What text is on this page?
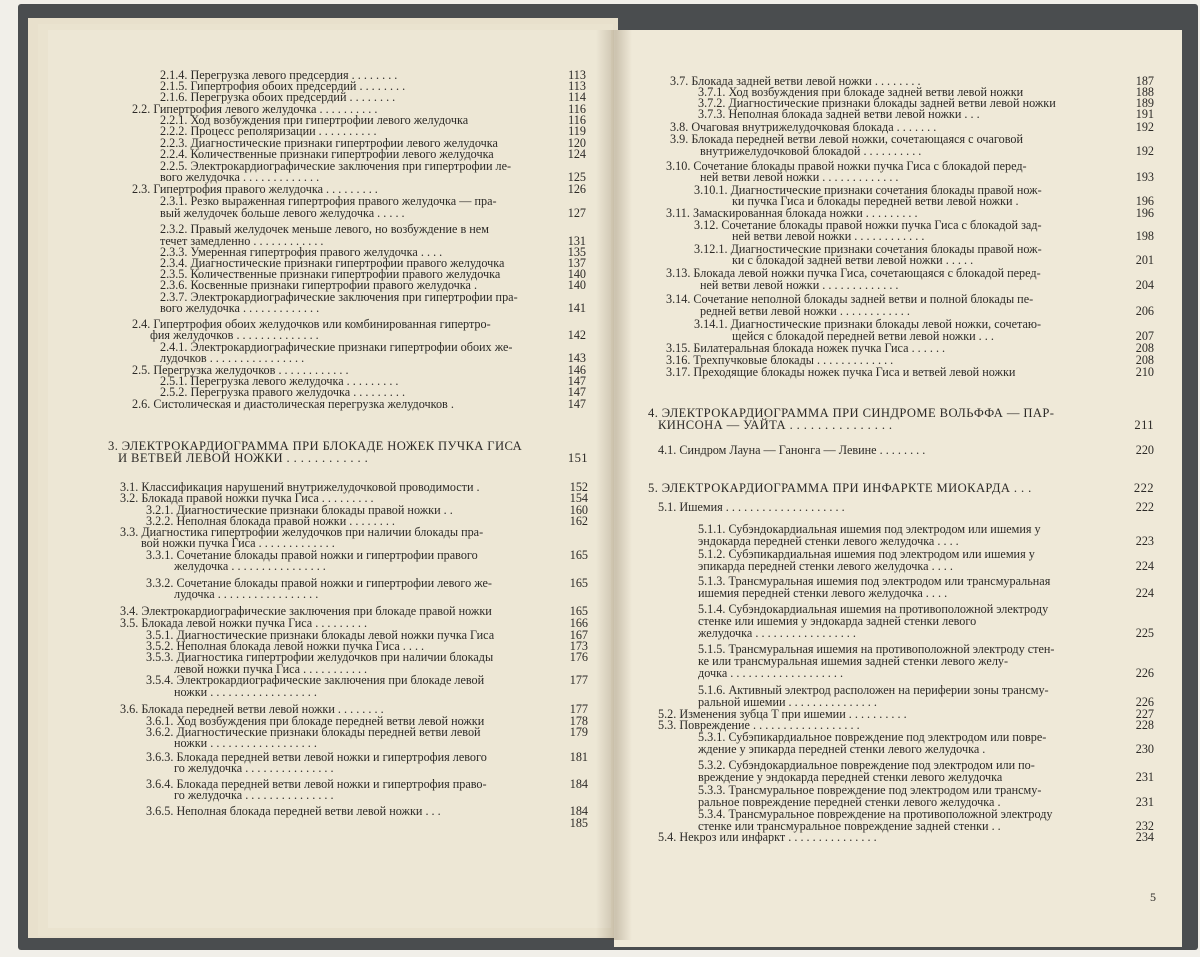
2.1.4. Перегрузка левого предсердия . . . . . . . .	113
2.1.5. Гипертрофия обоих предсердий . . . . . . . .	113
2.1.6. Перегрузка обоих предсердий . . . . . . . .	114
2.2. Гипертрофия левого желудочка . . . . . . . . . .	116
2.2.1. Ход возбуждения при гипертрофии левого желудочка	116
2.2.2. Процесс реполяризации . . . . . . . . . .	119
2.2.3. Диагностические признаки гипертрофии левого желудочка	120
2.2.4. Количественные признаки гипертрофии левого желудочка	124
2.2.5. Электрокардиографические заключения при гипертрофии ле-
вого желудочка . . . . . . . . . . . . .	125
2.3. Гипертрофия правого желудочка . . . . . . . . .	126
2.3.1. Резко выраженная гипертрофия правого желудочка — пра-
вый желудочек больше левого желудочка . . . . .	127
2.3.2. Правый желудочек меньше левого, но возбуждение в нем
течет замедленно . . . . . . . . . . . .	131
2.3.3. Умеренная гипертрофия правого желудочка . . . .	135
2.3.4. Диагностические признаки гипертрофии правого желудочка	137
2.3.5. Количественные признаки гипертрофии правого желудочка	140
2.3.6. Косвенные признаки гипертрофии правого желудочка .	140
2.3.7. Электрокардиографические заключения при гипертрофии пра-
вого желудочка . . . . . . . . . . . . .	141
2.4. Гипертрофия обоих желудочков или комбинированная гипертро-
фия желудочков . . . . . . . . . . . . . .	142
2.4.1. Электрокардиографические признаки гипертрофии обоих же-
лудочков . . . . . . . . . . . . . . . .	143
2.5. Перегрузка желудочков . . . . . . . . . . . .	146
2.5.1. Перегрузка левого желудочка . . . . . . . . .	147
2.5.2. Перегрузка правого желудочка . . . . . . . . .	147
2.6. Систолическая и диастолическая перегрузка желудочков .	147
3. ЭЛЕКТРОКАРДИОГРАММА ПРИ БЛОКАДЕ НОЖЕК ПУЧКА ГИСА
И ВЕТВЕЙ ЛЕВОЙ НОЖКИ . . . . . . . . . . . .	151
3.1. Классификация нарушений внутрижелудочковой проводимости .	152
3.2. Блокада правой ножки пучка Гиса . . . . . . . . .	154
3.2.1. Диагностические признаки блокады правой ножки . .	160
3.2.2. Неполная блокада правой ножки . . . . . . . .	162
3.3. Диагностика гипертрофии желудочков при наличии блокады пра-
вой ножки пучка Гиса . . . . . . . . . . . . .
3.3.1. Сочетание блокады правой ножки и гипертрофии правого	165
желудочка . . . . . . . . . . . . . . . .
3.3.2. Сочетание блокады правой ножки и гипертрофии левого же-	165
лудочка . . . . . . . . . . . . . . . . .
3.4. Электрокардиографические заключения при блокаде правой ножки	165
3.5. Блокада левой ножки пучка Гиса . . . . . . . . .	166
3.5.1. Диагностические признаки блокады левой ножки пучка Гиса	167
3.5.2. Неполная блокада левой ножки пучка Гиса . . . .	173
3.5.3. Диагностика гипертрофии желудочков при наличии блокады	176
левой ножки пучка Гиса . . . . . . . . . . .
3.5.4. Электрокардиографические заключения при блокаде левой	177
ножки . . . . . . . . . . . . . . . . . .
3.6. Блокада передней ветви левой ножки . . . . . . . .	177
3.6.1. Ход возбуждения при блокаде передней ветви левой ножки	178
3.6.2. Диагностические признаки блокады передней ветви левой	179
ножки . . . . . . . . . . . . . . . . . .
3.6.3. Блокада передней ветви левой ножки и гипертрофия левого	181
го желудочка . . . . . . . . . . . . . . .
3.6.4. Блокада передней ветви левой ножки и гипертрофия право-	184
го желудочка . . . . . . . . . . . . . . .
3.6.5. Неполная блокада передней ветви левой ножки . . .	184
185
3.7. Блокада задней ветви левой ножки . . . . . . . .	187
3.7.1. Ход возбуждения при блокаде задней ветви левой ножки	188
3.7.2. Диагностические признаки блокады задней ветви левой ножки	189
3.7.3. Неполная блокада задней ветви левой ножки . . .	191
3.8. Очаговая внутрижелудочковая блокада . . . . . . .	192
3.9. Блокада передней ветви левой ножки, сочетающаяся с очаговой
внутрижелудочковой блокадой . . . . . . . . . .	192
3.10. Сочетание блокады правой ножки пучка Гиса с блокадой перед-
ней ветви левой ножки . . . . . . . . . . . . .	193
3.10.1. Диагностические признаки сочетания блокады правой нож-
ки пучка Гиса и блокады передней ветви левой ножки .	196
3.11. Замаскированная блокада ножки . . . . . . . . .	196
3.12. Сочетание блокады правой ножки пучка Гиса с блокадой зад-
ней ветви левой ножки . . . . . . . . . . . .	198
3.12.1. Диагностические признаки сочетания блокады правой нож-
ки с блокадой задней ветви левой ножки . . . . .	201
3.13. Блокада левой ножки пучка Гиса, сочетающаяся с блокадой перед-
ней ветви левой ножки . . . . . . . . . . . . .	204
3.14. Сочетание неполной блокады задней ветви и полной блокады пе-
редней ветви левой ножки . . . . . . . . . . . .	206
3.14.1. Диагностические признаки блокады левой ножки, сочетаю-
щейся с блокадой передней ветви левой ножки . . .	207
3.15. Билатеральная блокада ножек пучка Гиса . . . . . .	208
3.16. Трехпучковые блокады . . . . . . . . . . . . .	208
3.17. Преходящие блокады ножек пучка Гиса и ветвей левой ножки	210
4. ЭЛЕКТРОКАРДИОГРАММА ПРИ СИНДРОМЕ ВОЛЬФФА — ПАР-
КИНСОНА — УАЙТА . . . . . . . . . . . . . . .	211
4.1. Синдром Лауна — Ганонга — Левине . . . . . . . .	220
5. ЭЛЕКТРОКАРДИОГРАММА ПРИ ИНФАРКТЕ МИОКАРДА . . .	222
5.1. Ишемия . . . . . . . . . . . . . . . . . . . .	222
5.1.1. Субэндокардиальная ишемия под электродом или ишемия у
эндокарда передней стенки левого желудочка . . . .	223
5.1.2. Субэпикардиальная ишемия под электродом или ишемия у
эпикарда передней стенки левого желудочка . . . .	224
5.1.3. Трансмуральная ишемия под электродом или трансмуральная
ишемия передней стенки левого желудочка . . . .	224
5.1.4. Субэндокардиальная ишемия на противоположной электроду
стенке или ишемия у эндокарда задней стенки левого
желудочка . . . . . . . . . . . . . . . . .	225
5.1.5. Трансмуральная ишемия на противоположной электроду стен-
ке или трансмуральная ишемия задней стенки левого желу-
дочка . . . . . . . . . . . . . . . . . . .	226
5.1.6. Активный электрод расположен на периферии зоны трансму-
ральной ишемии . . . . . . . . . . . . . . .	226
5.2. Изменения зубца T при ишемии . . . . . . . . . .	227
5.3. Повреждение . . . . . . . . . . . . . . . . . .	228
5.3.1. Субэпикардиальное повреждение под электродом или повре-
ждение у эпикарда передней стенки левого желудочка .	230
5.3.2. Субэндокардиальное повреждение под электродом или по-
вреждение у эндокарда передней стенки левого желудочка	231
5.3.3. Трансмуральное повреждение под электродом или трансму-
ральное повреждение передней стенки левого желудочка .	231
5.3.4. Трансмуральное повреждение на противоположной электроду
стенке или трансмуральное повреждение задней стенки . .	232
5.4. Некроз или инфаркт . . . . . . . . . . . . . . .	234
5
